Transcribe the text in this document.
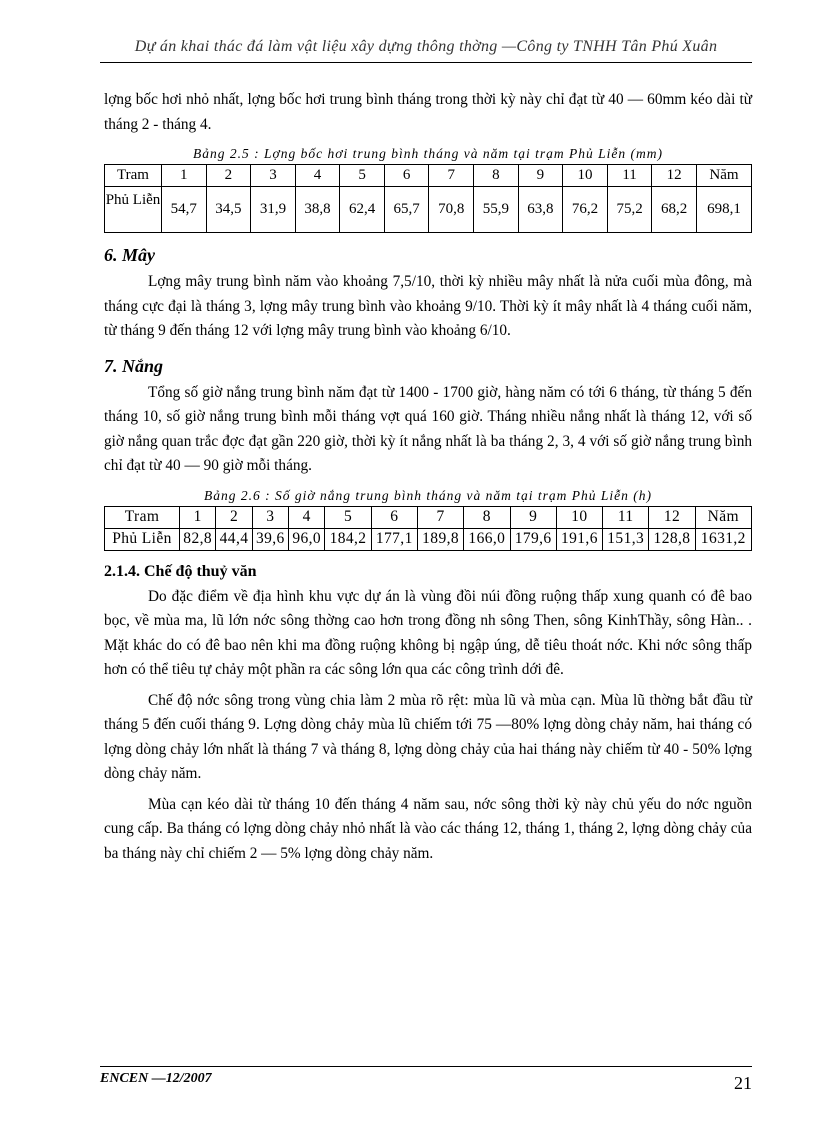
Dự án khai thác đá làm vật liệu xây dựng thông thờng —Công ty TNHH Tân Phú Xuân

lợng bốc hơi nhỏ nhất, lợng bốc hơi trung bình tháng trong thời kỳ này chỉ đạt từ 40 — 60mm kéo dài từ tháng 2 - tháng 4.

Bảng 2.5 : Lợng bốc hơi trung bình tháng và năm tại trạm Phủ Liễn (mm)
Tram	1	2	3	4	5	6	7	8	9	10	11	12	Năm
Phủ Liễn	54,7	34,5	31,9	38,8	62,4	65,7	70,8	55,9	63,8	76,2	75,2	68,2	698,1
6. Mây

Lợng mây trung bình năm vào khoảng 7,5/10, thời kỳ nhiều mây nhất là nửa cuối mùa đông, mà tháng cực đại là tháng 3, lợng mây trung bình vào khoảng 9/10. Thời kỳ ít mây nhất là 4 tháng cuối năm, từ tháng 9 đến tháng 12 với lợng mây trung bình vào khoảng 6/10.

7. Nắng

Tổng số giờ nắng trung bình năm đạt từ 1400 - 1700 giờ, hàng năm có tới 6 tháng, từ tháng 5 đến tháng 10, số giờ nắng trung bình mỗi tháng vợt quá 160 giờ. Tháng nhiều nắng nhất là tháng 12, với số giờ nắng quan trắc đợc đạt gần 220 giờ, thời kỳ ít nắng nhất là ba tháng 2, 3, 4 với số giờ nắng trung bình chỉ đạt từ 40 — 90 giờ mỗi tháng.

Bảng 2.6 : Số giờ nắng trung bình tháng và năm tại trạm Phủ Liễn (h)
Tram	1	2	3	4	5	6	7	8	9	10	11	12	Năm
Phủ Liễn	82,8	44,4	39,6	96,0	184,2	177,1	189,8	166,0	179,6	191,6	151,3	128,8	1631,2
2.1.4. Chế độ thuỷ văn

Do đặc điểm về địa hình khu vực dự án là vùng đồi núi đồng ruộng thấp xung quanh có đê bao bọc, về mùa ma, lũ lớn nớc sông thờng cao hơn trong đồng nh sông Then, sông KinhThầy, sông Hàn.. . Mặt khác do có đê bao nên khi ma đồng ruộng không bị ngập úng, dễ tiêu thoát nớc. Khi nớc sông thấp hơn có thể tiêu tự chảy một phần ra các sông lớn qua các công trình dới đê.

Chế độ nớc sông trong vùng chia làm 2 mùa rõ rệt: mùa lũ và mùa cạn. Mùa lũ thờng bắt đầu từ tháng 5 đến cuối tháng 9. Lợng dòng chảy mùa lũ chiếm tới 75 —80% lợng dòng chảy năm, hai tháng có lợng dòng chảy lớn nhất là tháng 7 và tháng 8, lợng dòng chảy của hai tháng này chiếm từ 40 - 50% lợng dòng chảy năm.

Mùa cạn kéo dài từ tháng 10 đến tháng 4 năm sau, nớc sông thời kỳ này chủ yếu do nớc nguồn cung cấp. Ba tháng có lợng dòng chảy nhỏ nhất là vào các tháng 12, tháng 1, tháng 2, lợng dòng chảy của ba tháng này chỉ chiếm 2 — 5% lợng dòng chảy năm.

ENCEN —12/2007	21
